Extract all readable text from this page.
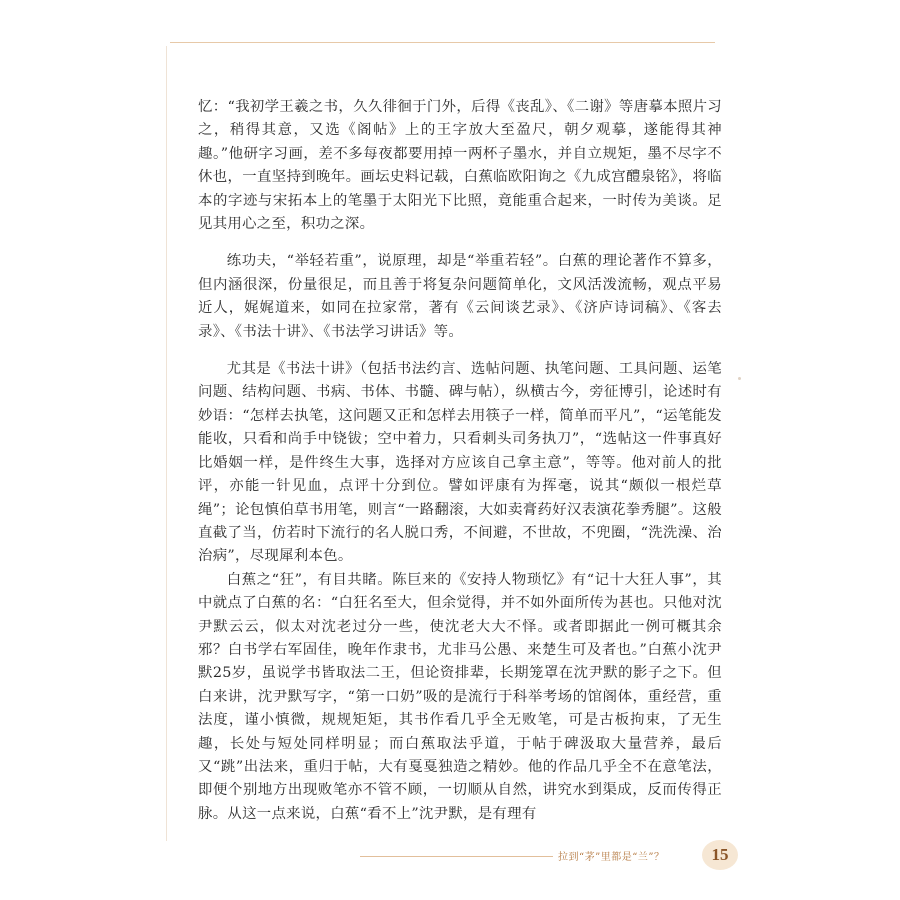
忆：“我初学王羲之书，久久徘徊于门外，后得《丧乱》、《二谢》等唐摹本照片习之，稍得其意，又选《阁帖》上的王字放大至盈尺，朝夕观摹，遂能得其神趣。”他研字习画，差不多每夜都要用掉一两杯子墨水，并自立规矩，墨不尽字不休也，一直坚持到晚年。画坛史料记载，白蕉临欧阳询之《九成宫醴泉铭》，将临本的字迹与宋拓本上的笔墨于太阳光下比照，竟能重合起来，一时传为美谈。足见其用心之至，积功之深。

练功夫，“举轻若重”，说原理，却是“举重若轻”。白蕉的理论著作不算多，但内涵很深，份量很足，而且善于将复杂问题简单化，文风活泼流畅，观点平易近人，娓娓道来，如同在拉家常，著有《云间谈艺录》、《济庐诗词稿》、《客去录》、《书法十讲》、《书法学习讲话》等。

尤其是《书法十讲》（包括书法约言、选帖问题、执笔问题、工具问题、运笔问题、结构问题、书病、书体、书髓、碑与帖），纵横古今，旁征博引，论述时有妙语：“怎样去执笔，这问题又正和怎样去用筷子一样，简单而平凡”，“运笔能发能收，只看和尚手中铙钹；空中着力，只看刺头司务执刀”，“选帖这一件事真好比婚姻一样，是件终生大事，选择对方应该自己拿主意”，等等。他对前人的批评，亦能一针见血，点评十分到位。譬如评康有为挥毫，说其“颇似一根烂草绳”；论包慎伯草书用笔，则言“一路翻滚，大如卖膏药好汉表演花拳秀腿”。这般直截了当，仿若时下流行的名人脱口秀，不间避，不世故，不兜圈，“洗洗澡、治治病”，尽现犀利本色。

白蕉之“狂”，有目共睹。陈巨来的《安持人物琐忆》有“记十大狂人事”，其中就点了白蕉的名：“白狂名至大，但余觉得，并不如外面所传为甚也。只他对沈尹默云云，似太对沈老过分一些，使沈老大大不怿。或者即据此一例可概其余邪？白书学右军固佳，晚年作隶书，尤非马公愚、来楚生可及者也。”白蕉小沈尹默25岁，虽说学书皆取法二王，但论资排辈，长期笼罩在沈尹默的影子之下。但白来讲，沈尹默写字，“第一口奶”吸的是流行于科举考场的馆阁体，重经营，重法度，谨小慎微，规规矩矩，其书作看几乎全无败笔，可是古板拘束，了无生趣，长处与短处同样明显；而白蕉取法乎道，于帖于碑汲取大量营养，最后又“跳”出法来，重归于帖，大有戛戛独造之精妙。他的作品几乎全不在意笔法，即便个别地方出现败笔亦不管不顾，一切顺从自然，讲究水到渠成，反而传得正脉。从这一点来说，白蕉“看不上”沈尹默，是有理有

拉到“茅”里都是“兰”？	15
